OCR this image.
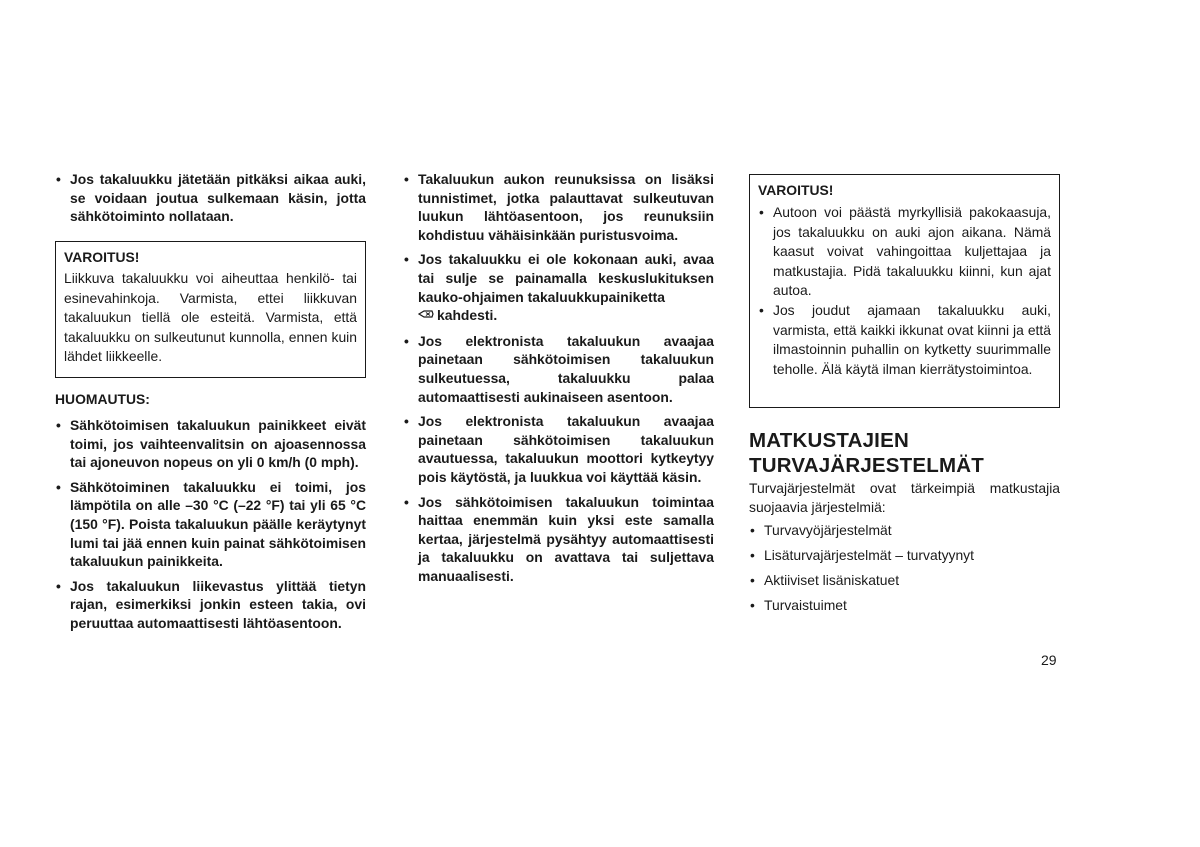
• Jos takaluukku jätetään pitkäksi aikaa auki, se voidaan joutua sulkemaan käsin, jotta sähkötoiminto nollataan.
VAROITUS!

Liikkuva takaluukku voi aiheuttaa henkilö- tai esinevahinkoja. Varmista, ettei liikkuvan takaluukun tiellä ole esteitä. Varmista, että takaluukku on sulkeutunut kunnolla, ennen kuin lähdet liikkeelle.

HUOMAUTUS:
• Sähkötoimisen takaluukun painikkeet eivät toimi, jos vaihteenvalitsin on ajoasennossa tai ajoneuvon nopeus on yli 0 km/h (0 mph).
• Sähkötoiminen takaluukku ei toimi, jos lämpötila on alle –30 °C (–22 °F) tai yli 65 °C (150 °F). Poista takaluukun päälle keräytynyt lumi tai jää ennen kuin painat sähkötoimisen takaluukun painikkeita.
• Jos takaluukun liikevastus ylittää tietyn rajan, esimerkiksi jonkin esteen takia, ovi peruuttaa automaattisesti lähtöasentoon.
• Takaluukun aukon reunuksissa on lisäksi tunnistimet, jotka palauttavat sulkeutuvan luukun lähtöasentoon, jos reunuksiin kohdistuu vähäisinkään puristusvoima.
• Jos takaluukku ei ole kokonaan auki, avaa tai sulje se painamalla keskuslukituksen kauko-ohjaimen takaluukkupainiketta
kahdesti.
• Jos elektronista takaluukun avaajaa painetaan sähkötoimisen takaluukun sulkeutuessa, takaluukku palaa automaattisesti aukinaiseen asentoon.
• Jos elektronista takaluukun avaajaa painetaan sähkötoimisen takaluukun avautuessa, takaluukun moottori kytkeytyy pois käytöstä, ja luukkua voi käyttää käsin.
• Jos sähkötoimisen takaluukun toimintaa haittaa enemmän kuin yksi este samalla kertaa, järjestelmä pysähtyy automaattisesti ja takaluukku on avattava tai suljettava manuaalisesti.
VAROITUS!
• Autoon voi päästä myrkyllisiä pakokaasuja, jos takaluukku on auki ajon aikana. Nämä kaasut voivat vahingoittaa kuljettajaa ja matkustajia. Pidä takaluukku kiinni, kun ajat autoa.
• Jos joudut ajamaan takaluukku auki, varmista, että kaikki ikkunat ovat kiinni ja että ilmastoinnin puhallin on kytketty suurimmalle teholle. Älä käytä ilman kierrätystoimintoa.
MATKUSTAJIEN
TURVAJÄRJESTELMÄT

Turvajärjestelmät ovat tärkeimpiä matkustajia suojaavia järjestelmiä:

• Turvavyöjärjestelmät
• Lisäturvajärjestelmät – turvatyynyt
• Aktiiviset lisäniskatuet
• Turvaistuimet
29
